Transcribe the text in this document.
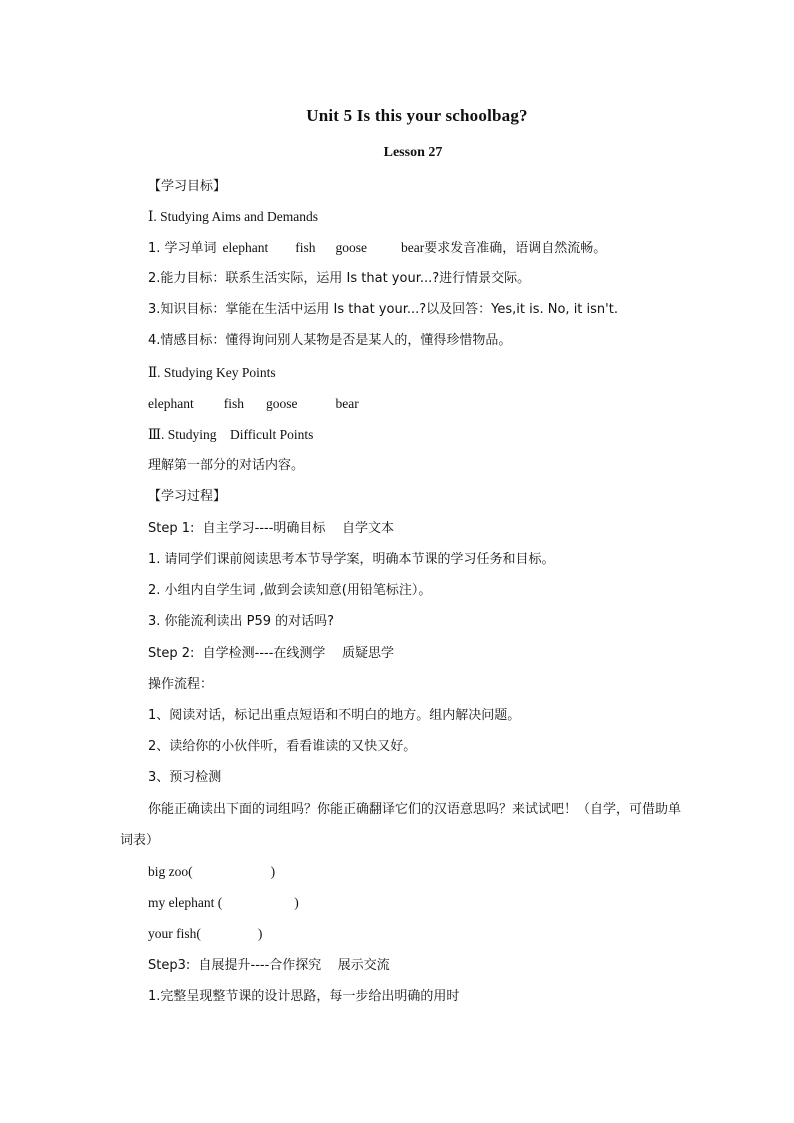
Unit 5 Is this your schoolbag?
Lesson 27
【学习目标】
Ⅰ. Studying Aims and Demands
1. 学习单词 elephant fish goose	bear要求发音准确，语调自然流畅。
2.能力目标：联系生活实际，运用 Is that your...?进行情景交际。
3.知识目标：掌能在生活中运用 Is that your...?以及回答：Yes,it is. No, it isn't.
4.情感目标：懂得询问别人某物是否是某人的，懂得珍惜物品。
Ⅱ. Studying Key Points
elephant fish goose	bear
Ⅲ. Studying    Difficult Points
理解第一部分的对话内容。
【学习过程】
Step 1:  自主学习----明确目标    自学文本
1. 请同学们课前阅读思考本节导学案，明确本节课的学习任务和目标。
2. 小组内自学生词 ,做到会读知意(用铅笔标注）。
3. 你能流利读出 P59 的对话吗?
Step 2:  自学检测----在线测学    质疑思学
操作流程：
1、阅读对话，标记出重点短语和不明白的地方。组内解决问题。
2、读给你的小伙伴听，看看谁读的又快又好。
3、预习检测
你能正确读出下面的词组吗？你能正确翻译它们的汉语意思吗？来试试吧！（自学，可借助单词表）
big zoo(	)
my elephant (	)
your fish(	)
Step3:  自展提升----合作探究    展示交流
1.完整呈现整节课的设计思路，每一步给出明确的用时
